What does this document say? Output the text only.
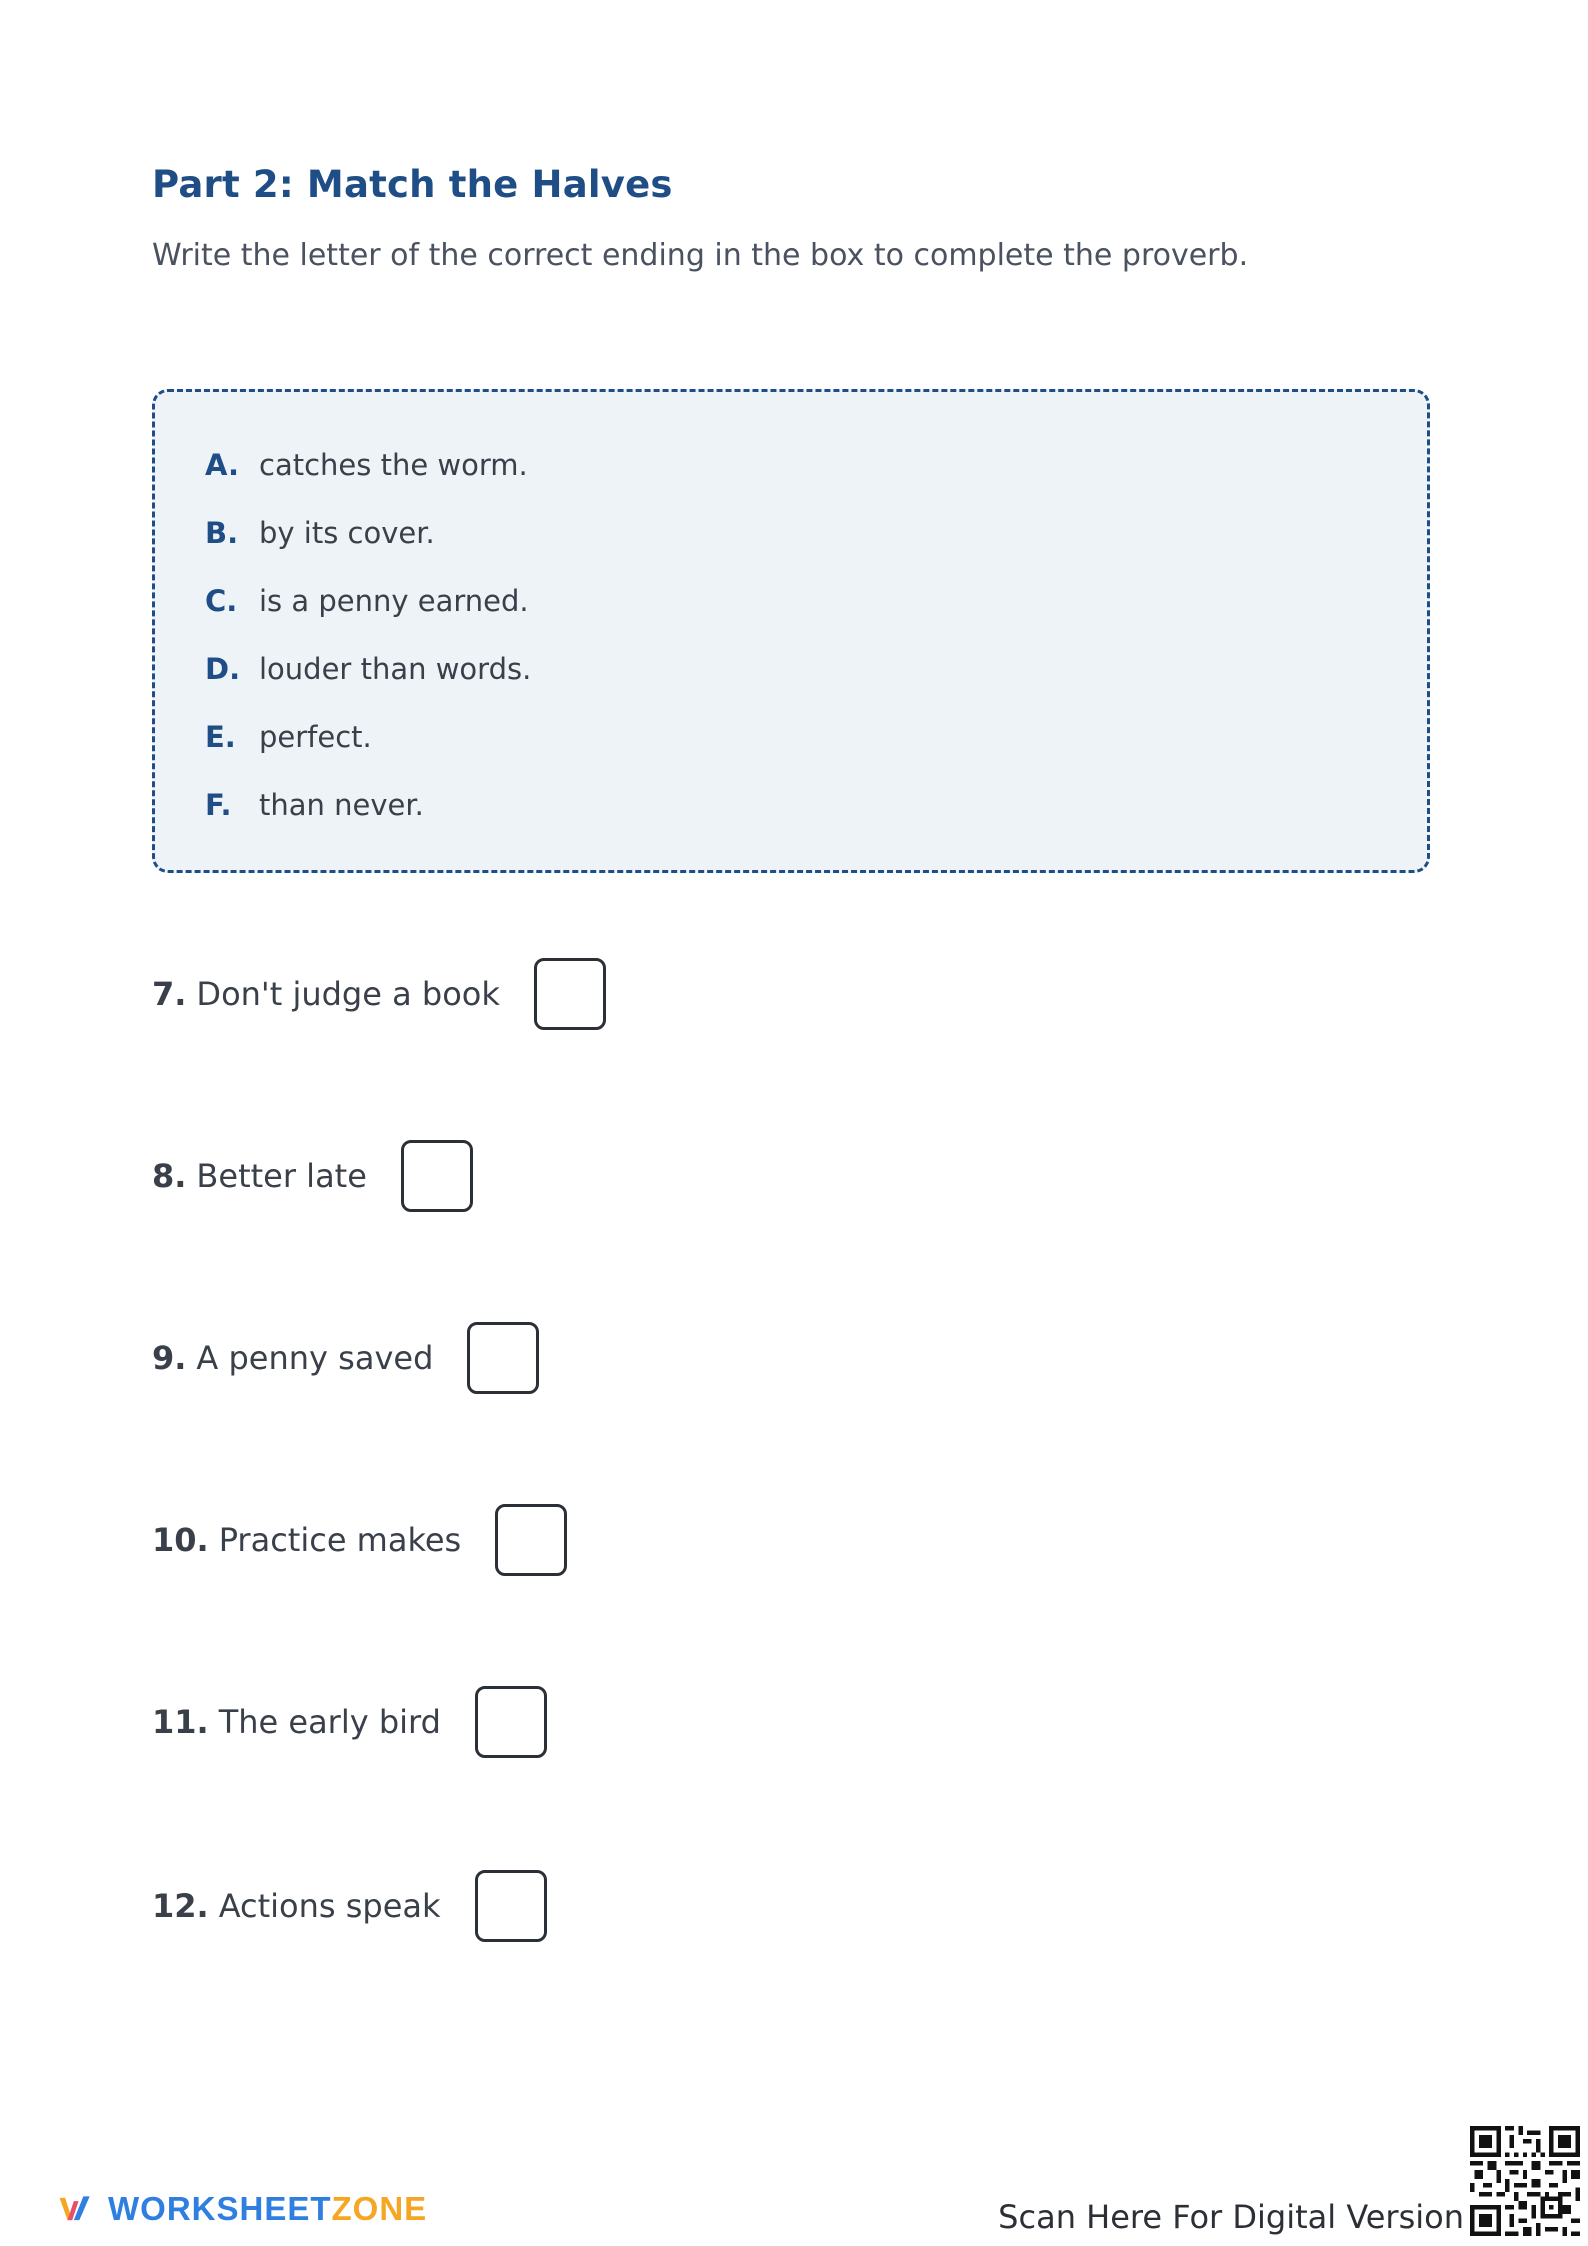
Part 2: Match the Halves

Write the letter of the correct ending in the box to complete the proverb.

A. catches the worm.
B. by its cover.
C. is a penny earned.
D. louder than words.
E. perfect.
F. than never.
7. Don't judge a book
8. Better late
9. A penny saved
10. Practice makes
11. The early bird
12. Actions speak
WORKSHEETZONE	Scan Here For Digital Version
